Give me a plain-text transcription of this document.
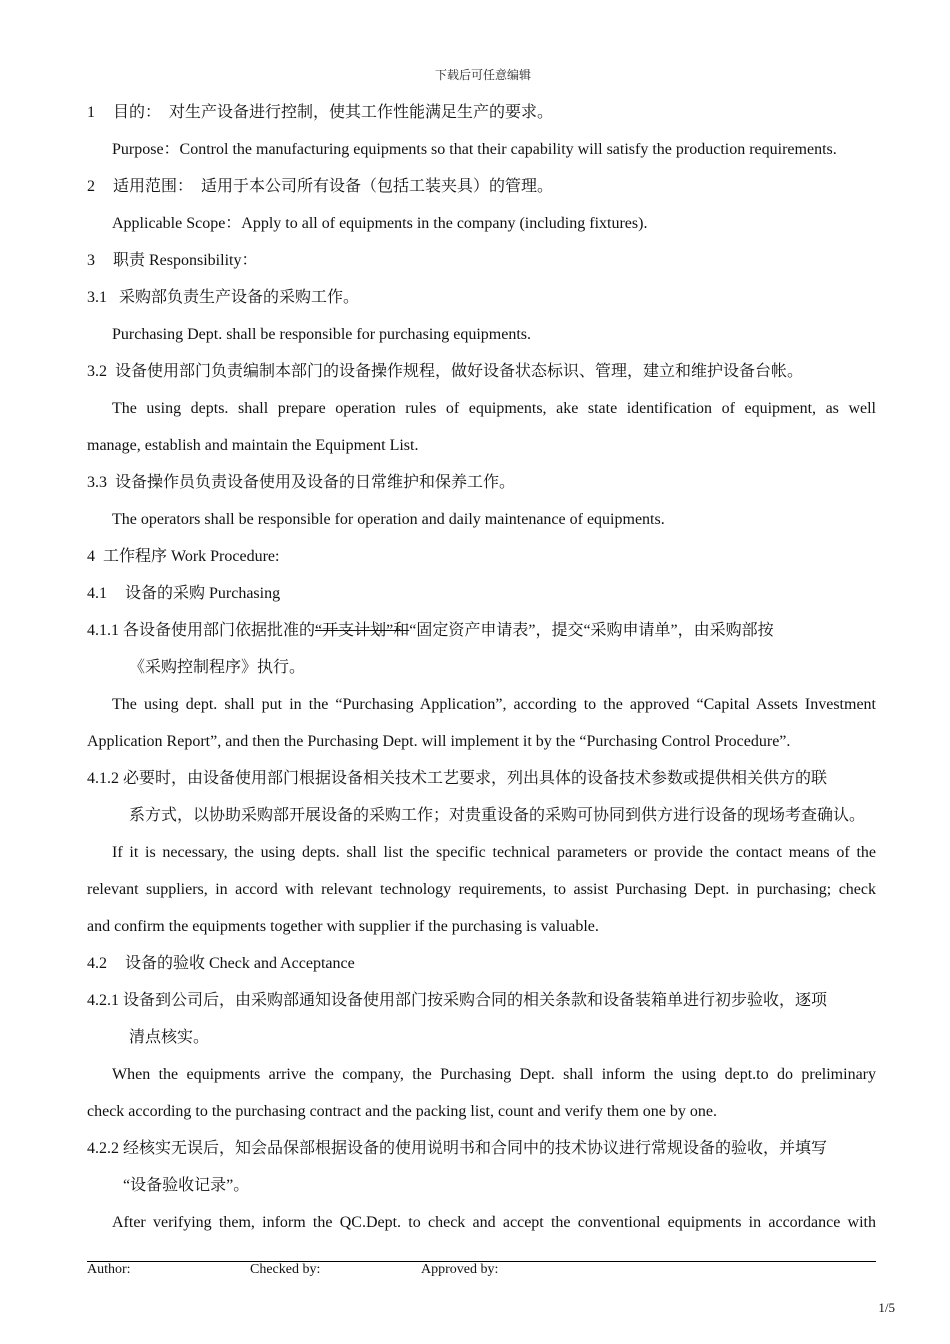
下载后可任意编辑
1 目的： 对生产设备进行控制，使其工作性能满足生产的要求。
Purpose：Control the manufacturing equipments so that their capability will satisfy the production requirements.
2 适用范围： 适用于本公司所有设备（包括工装夹具）的管理。
Applicable Scope：Apply to all of equipments in the company (including fixtures).
3 职责 Responsibility：
3.1 采购部负责生产设备的采购工作。
Purchasing Dept. shall be responsible for purchasing equipments.
3.2 设备使用部门负责编制本部门的设备操作规程，做好设备状态标识、管理，建立和维护设备台帐。
The using depts. shall prepare operation rules of equipments, ake state identification of equipment, as well
manage, establish and maintain the Equipment List.
3.3 设备操作员负责设备使用及设备的日常维护和保养工作。
The operators shall be responsible for operation and daily maintenance of equipments.
4 工作程序 Work Procedure:
4.1 设备的采购 Purchasing
4.1.1 各设备使用部门依据批准的“开支计划”和“固定资产申请表”，提交“采购申请单”，由采购部按
《采购控制程序》执行。
The using dept. shall put in the “Purchasing Application”, according to the approved “Capital Assets Investment
Application Report”, and then the Purchasing Dept. will implement it by the “Purchasing Control Procedure”.
4.1.2 必要时，由设备使用部门根据设备相关技术工艺要求，列出具体的设备技术参数或提供相关供方的联
系方式，以协助采购部开展设备的采购工作；对贵重设备的采购可协同到供方进行设备的现场考查确认。
If it is necessary, the using depts. shall list the specific technical parameters or provide the contact means of the
relevant suppliers, in accord with relevant technology requirements, to assist Purchasing Dept. in purchasing; check
and confirm the equipments together with supplier if the purchasing is valuable.
4.2 设备的验收 Check and Acceptance
4.2.1 设备到公司后，由采购部通知设备使用部门按采购合同的相关条款和设备装箱单进行初步验收，逐项
清点核实。
When the equipments arrive the company, the Purchasing Dept. shall inform the using dept.to do preliminary
check according to the purchasing contract and the packing list, count and verify them one by one.
4.2.2 经核实无误后，知会品保部根据设备的使用说明书和合同中的技术协议进行常规设备的验收，并填写
“设备验收记录”。
After verifying them, inform the QC.Dept. to check and accept the conventional equipments in accordance with
Author:	Checked by:	Approved by:
1/5
